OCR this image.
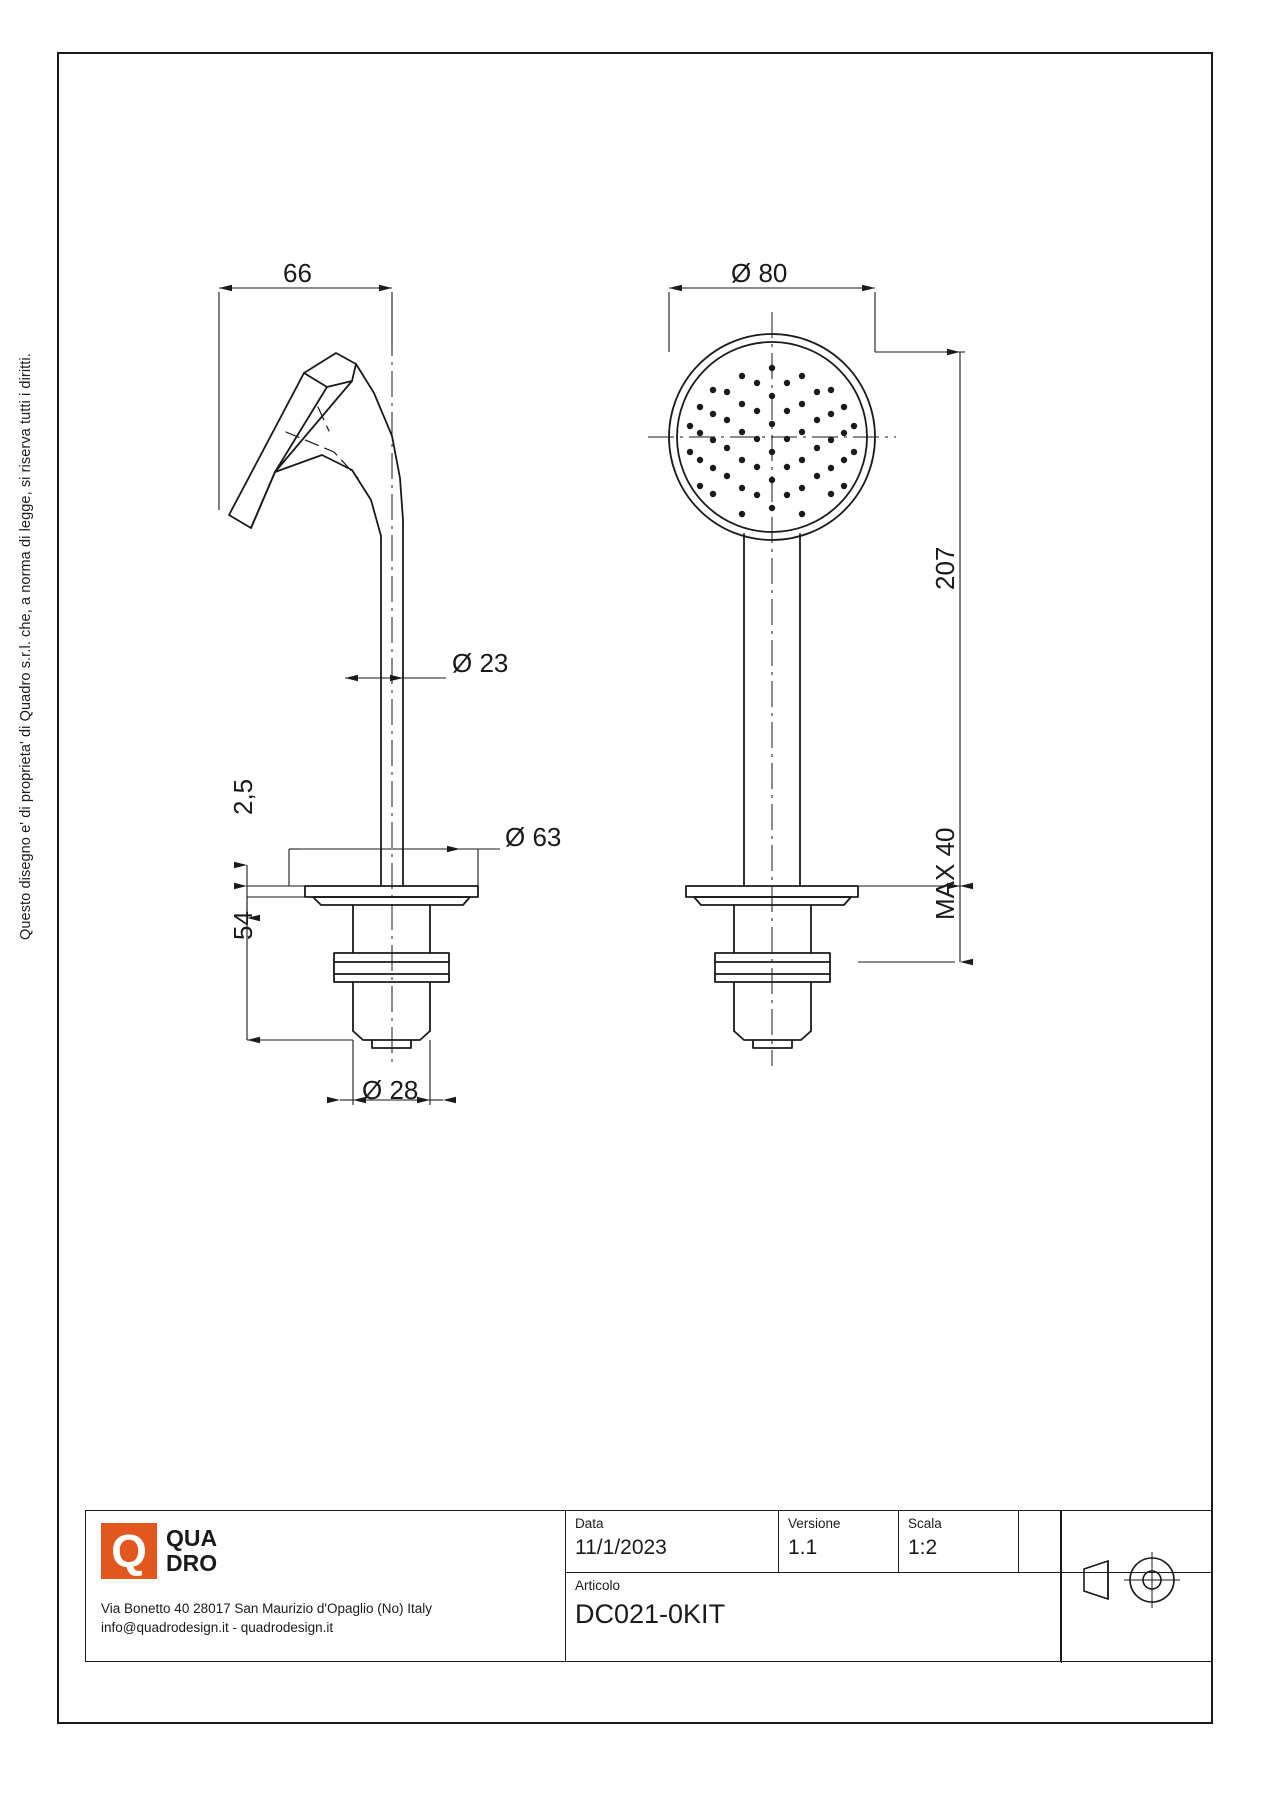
Questo disegno e' di proprieta' di Quadro s.r.l. che, a norma di legge, si riserva tutti i diritti.
66
Ø 23
2,5
Ø 63
54
Ø 28
Ø 80
207
MAX 40
Q QUA
DRO
Via Bonetto 40 28017 San Maurizio d'Opaglio (No) Italy
info@quadrodesign.it - quadrodesign.it
Data
11/1/2023
Versione
1.1
Scala
1:2
Articolo
DC021-0KIT
